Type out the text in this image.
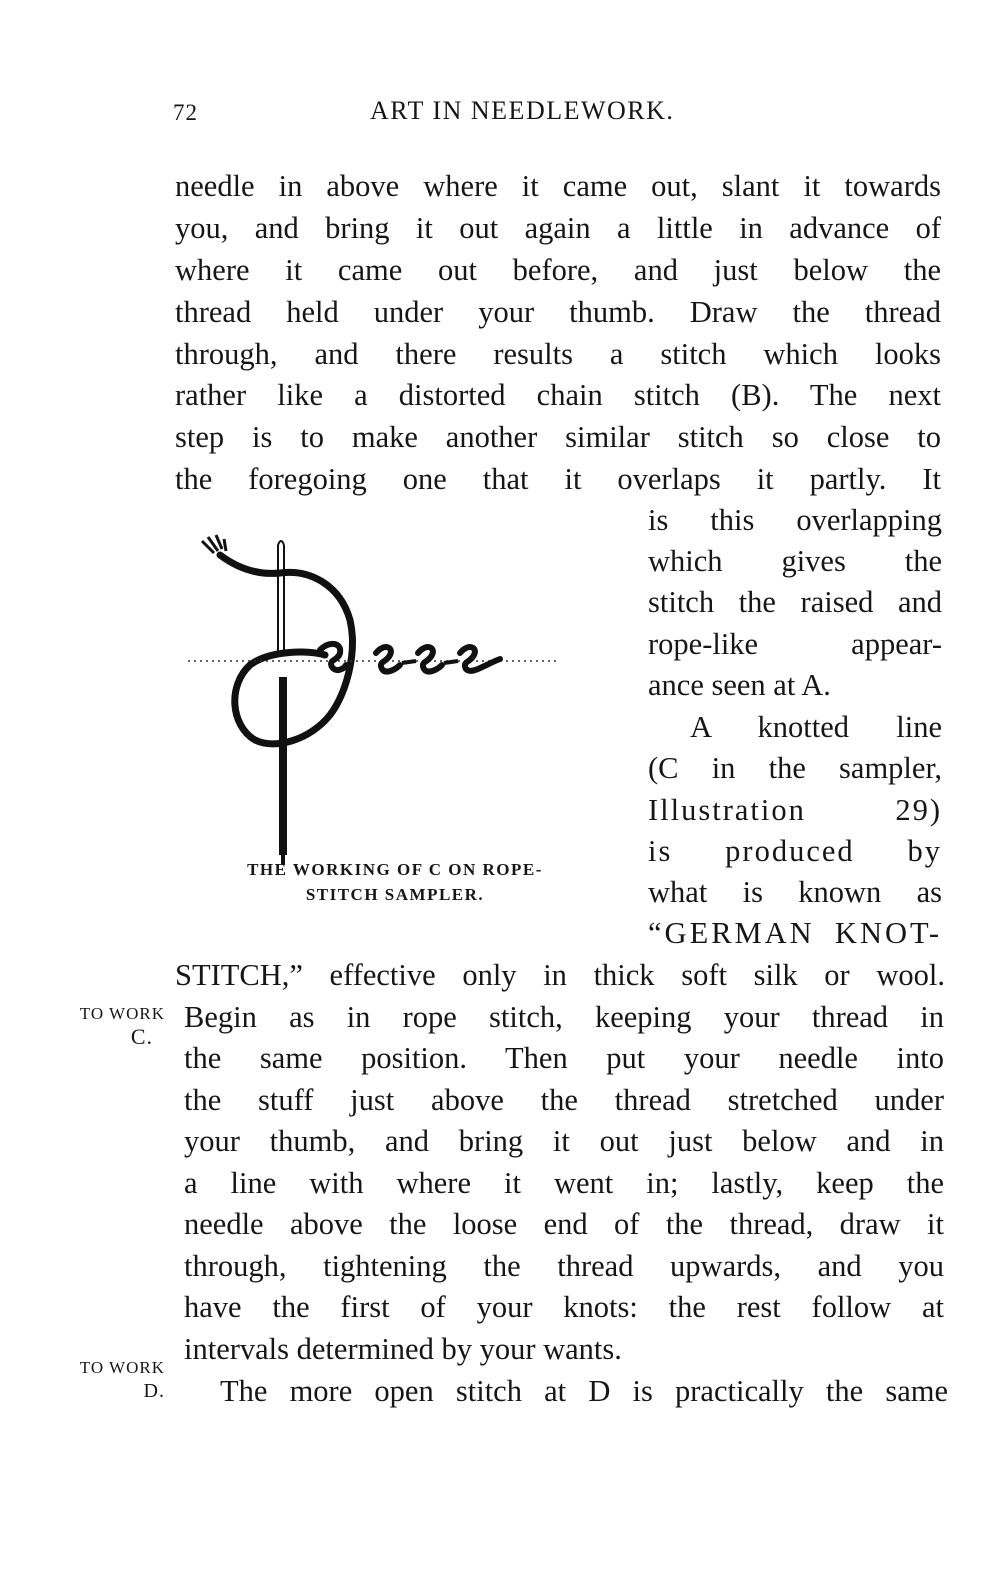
72	ART IN NEEDLEWORK.
needle in above where it came out, slant it towards
you, and bring it out again a little in advance of
where it came out before, and just below the
thread held under your thumb. Draw the thread
through, and there results a stitch which looks
rather like a distorted chain stitch (B). The next
step is to make another similar stitch so close to
the foregoing one that it overlaps it partly. It
THE WORKING OF C ON ROPE-
STITCH SAMPLER.
is this overlapping
which gives the
stitch the raised and
rope-like appear-
ance seen at A.
A knotted line
(C in the sampler,
Illustration 29)
is produced by
what is known as
“GERMAN KNOT-
STITCH,” effective only in thick soft silk or wool.
Begin as in rope stitch, keeping your thread in
the same position. Then put your needle into
the stuff just above the thread stretched under
your thumb, and bring it out just below and in
a line with where it went in; lastly, keep the
needle above the loose end of the thread, draw it
through, tightening the thread upwards, and you
have the first of your knots: the rest follow at
intervals determined by your wants.
The more open stitch at D is practically the same
TO WORK
C.
TO WORK
D.
